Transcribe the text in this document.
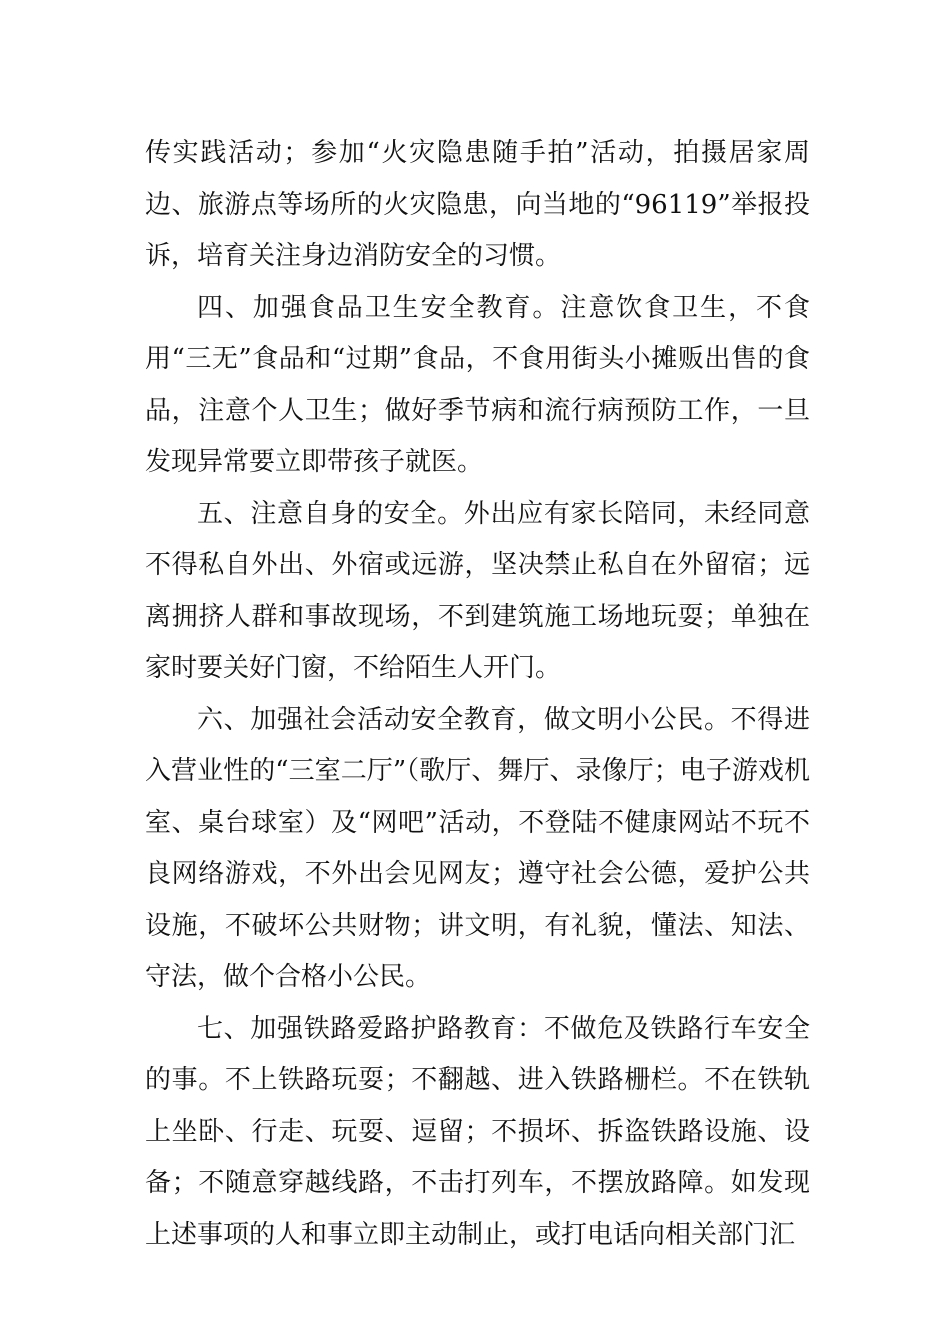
传实践活动；参加“火灾隐患随手拍”活动，拍摄居家周边、旅游点等场所的火灾隐患，向当地的“96119”举报投诉，培育关注身边消防安全的习惯。

四、加强食品卫生安全教育。注意饮食卫生，不食用“三无”食品和“过期”食品，不食用街头小摊贩出售的食品，注意个人卫生；做好季节病和流行病预防工作，一旦发现异常要立即带孩子就医。

五、注意自身的安全。外出应有家长陪同，未经同意不得私自外出、外宿或远游，坚决禁止私自在外留宿；远离拥挤人群和事故现场，不到建筑施工场地玩耍；单独在家时要关好门窗，不给陌生人开门。

六、加强社会活动安全教育，做文明小公民。不得进入营业性的“三室二厅”（歌厅、舞厅、录像厅；电子游戏机室、桌台球室）及“网吧”活动，不登陆不健康网站不玩不良网络游戏，不外出会见网友；遵守社会公德，爱护公共设施，不破坏公共财物；讲文明，有礼貌，懂法、知法、守法，做个合格小公民。

七、加强铁路爱路护路教育：不做危及铁路行车安全的事。不上铁路玩耍；不翻越、进入铁路栅栏。不在铁轨上坐卧、行走、玩耍、逗留；不损坏、拆盗铁路设施、设备；不随意穿越线路，不击打列车，不摆放路障。如发现上述事项的人和事立即主动制止，或打电话向相关部门汇
